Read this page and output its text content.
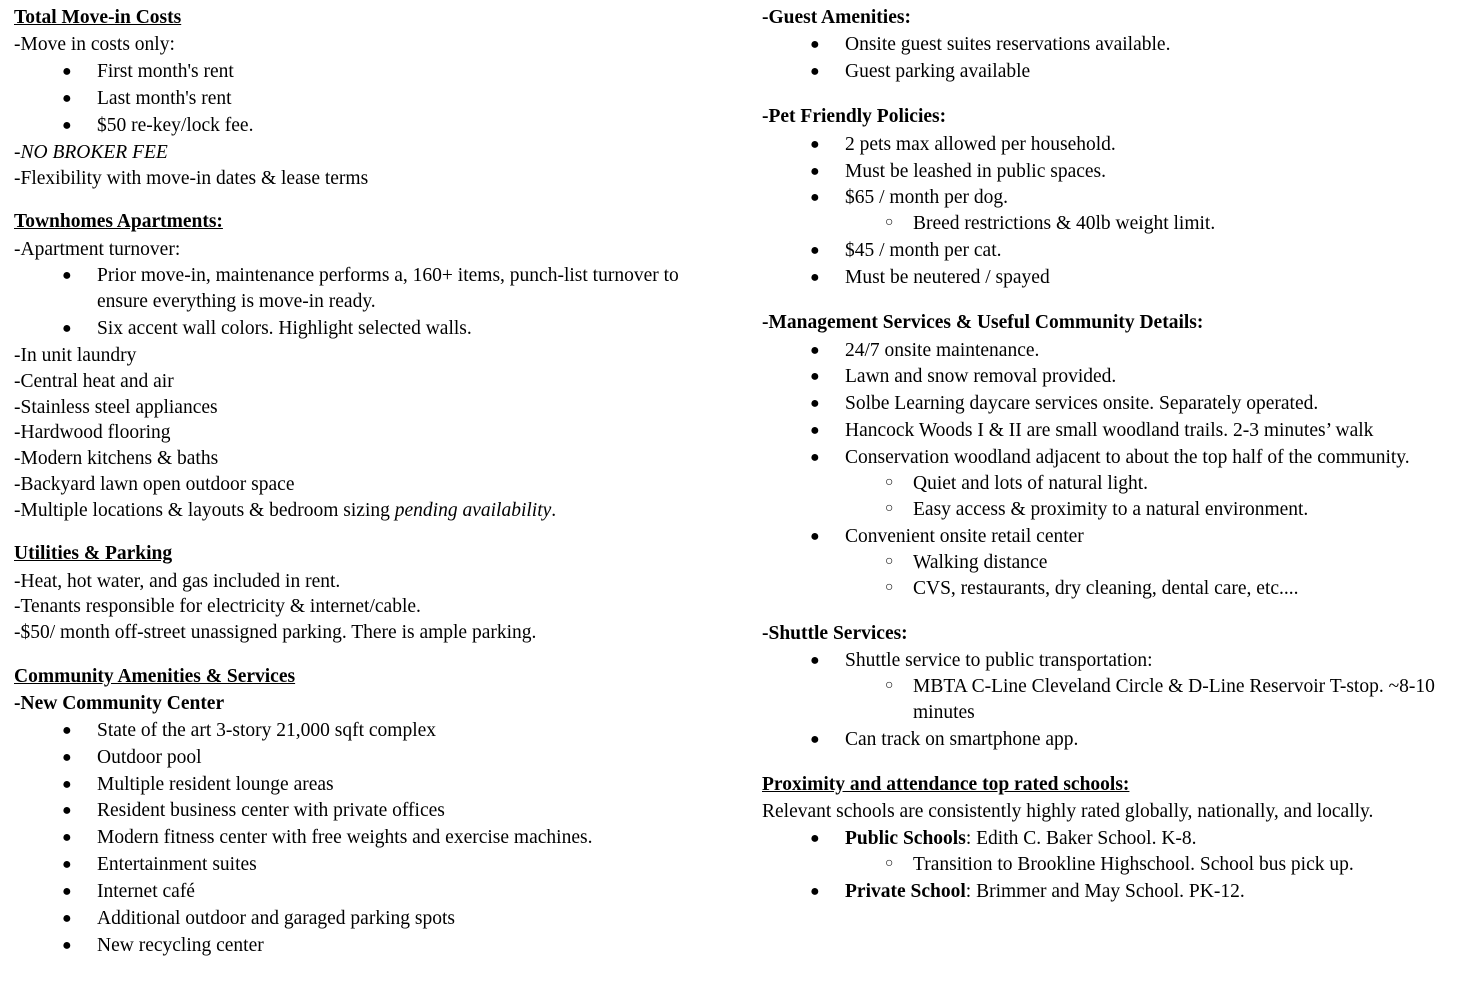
Total Move-in Costs

-Move in costs only:

● First month's rent
● Last month's rent
● $50 re-key/lock fee.

-NO BROKER FEE

-Flexibility with move-in dates & lease terms

Townhomes Apartments:

-Apartment turnover:

● Prior move-in, maintenance performs a, 160+ items, punch-list turnover to ensure everything is move-in ready.
● Six accent wall colors. Highlight selected walls.

-In unit laundry

-Central heat and air

-Stainless steel appliances

-Hardwood flooring

-Modern kitchens & baths

-Backyard lawn open outdoor space

-Multiple locations & layouts & bedroom sizing pending availability.

Utilities & Parking

-Heat, hot water, and gas included in rent.

-Tenants responsible for electricity & internet/cable.

-$50/ month off-street unassigned parking. There is ample parking.

Community Amenities & Services

-New Community Center

● State of the art 3-story 21,000 sqft complex
● Outdoor pool
● Multiple resident lounge areas
● Resident business center with private offices
● Modern fitness center with free weights and exercise machines.
● Entertainment suites
● Internet café
● Additional outdoor and garaged parking spots
● New recycling center
-Guest Amenities:
● Onsite guest suites reservations available.
● Guest parking available
-Pet Friendly Policies:
● 2 pets max allowed per household.
● Must be leashed in public spaces.
● $65 / month per dog.
○ Breed restrictions & 40lb weight limit.
● $45 / month per cat.
● Must be neutered / spayed
-Management Services & Useful Community Details:
● 24/7 onsite maintenance.
● Lawn and snow removal provided.
● Solbe Learning daycare services onsite. Separately operated.
● Hancock Woods I & II are small woodland trails. 2-3 minutes’ walk
● Conservation woodland adjacent to about the top half of the community.
○ Quiet and lots of natural light.
○ Easy access & proximity to a natural environment.
● Convenient onsite retail center
○ Walking distance
○ CVS, restaurants, dry cleaning, dental care, etc....
-Shuttle Services:
● Shuttle service to public transportation:
○ MBTA C-Line Cleveland Circle & D-Line Reservoir T-stop. ~8-10 minutes
● Can track on smartphone app.
Proximity and attendance top rated schools:

Relevant schools are consistently highly rated globally, nationally, and locally.

● Public Schools: Edith C. Baker School. K-8.
○ Transition to Brookline Highschool. School bus pick up.
● Private School: Brimmer and May School. PK-12.
